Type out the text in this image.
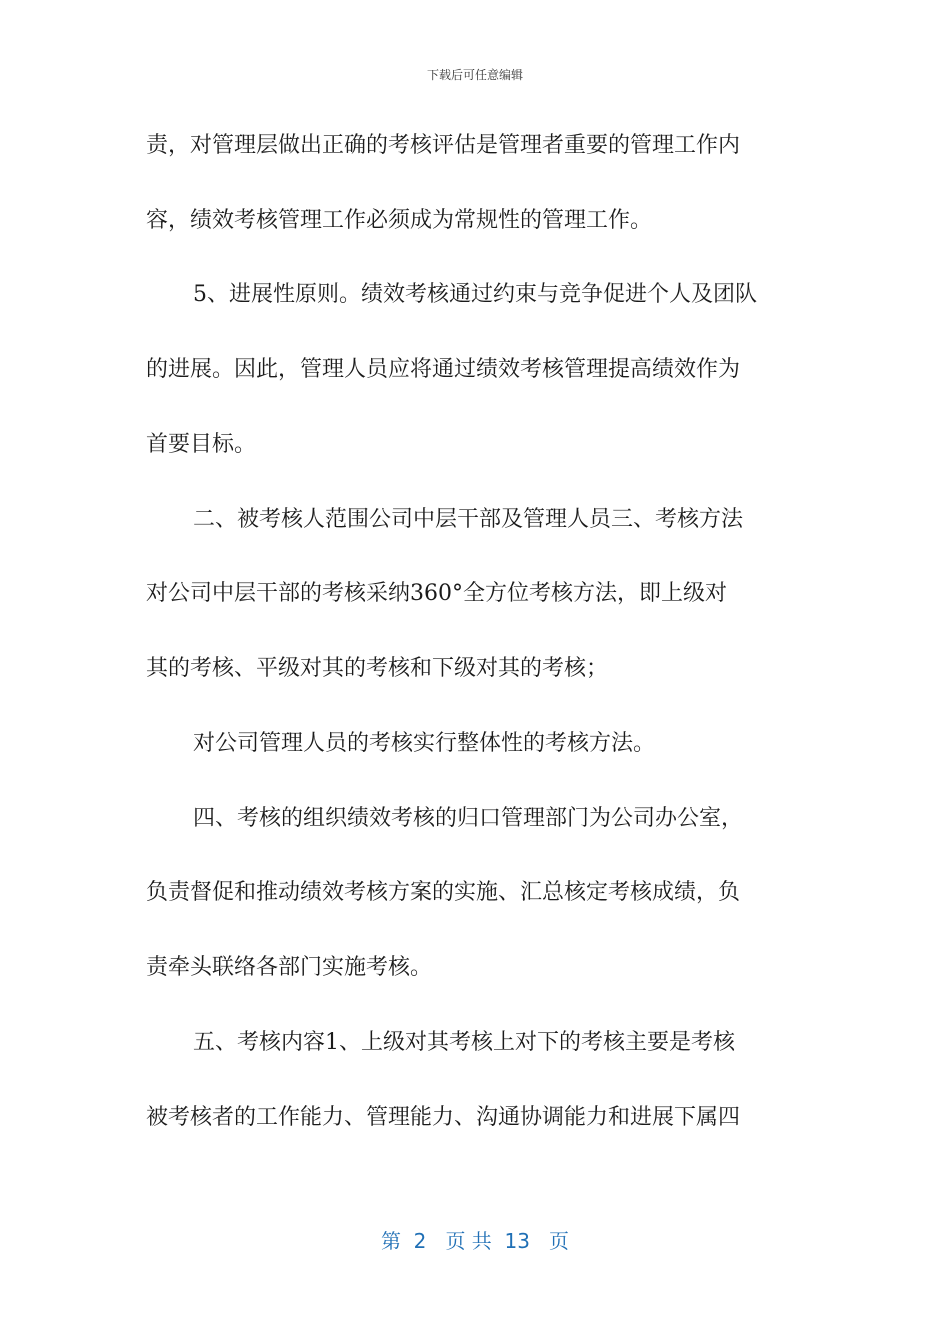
下载后可任意编辑
责，对管理层做出正确的考核评估是管理者重要的管理工作内
容，绩效考核管理工作必须成为常规性的管理工作。
5、进展性原则。绩效考核通过约束与竞争促进个人及团队
的进展。因此，管理人员应将通过绩效考核管理提高绩效作为
首要目标。
二、被考核人范围公司中层干部及管理人员三、考核方法
对公司中层干部的考核采纳360°全方位考核方法，即上级对
其的考核、平级对其的考核和下级对其的考核；
对公司管理人员的考核实行整体性的考核方法。
四、考核的组织绩效考核的归口管理部门为公司办公室，
负责督促和推动绩效考核方案的实施、汇总核定考核成绩，负
责牵头联络各部门实施考核。
五、考核内容1、上级对其考核上对下的考核主要是考核
被考核者的工作能力、管理能力、沟通协调能力和进展下属四
第  2   页 共  13   页
